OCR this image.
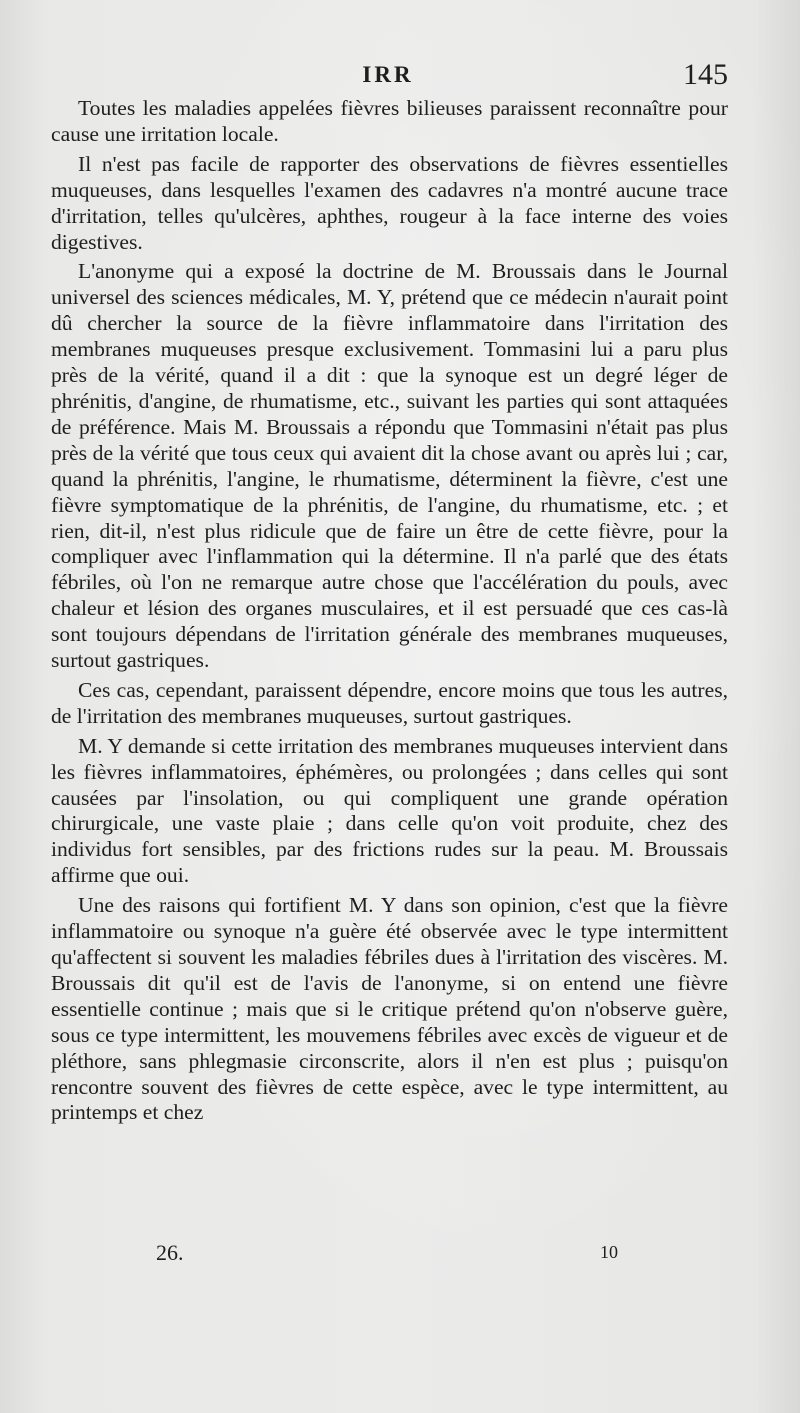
IRR	145

Toutes les maladies appelées fièvres bilieuses paraissent reconnaître pour cause une irritation locale.

Il n'est pas facile de rapporter des observations de fièvres essentielles muqueuses, dans lesquelles l'examen des cadavres n'a montré aucune trace d'irritation, telles qu'ulcères, aphthes, rougeur à la face interne des voies digestives.

L'anonyme qui a exposé la doctrine de M. Broussais dans le Journal universel des sciences médicales, M. Y, prétend que ce médecin n'aurait point dû chercher la source de la fièvre inflammatoire dans l'irritation des membranes muqueuses presque exclusivement. Tommasini lui a paru plus près de la vérité, quand il a dit : que la synoque est un degré léger de phrénitis, d'angine, de rhumatisme, etc., suivant les parties qui sont attaquées de préférence. Mais M. Broussais a répondu que Tommasini n'était pas plus près de la vérité que tous ceux qui avaient dit la chose avant ou après lui ; car, quand la phrénitis, l'angine, le rhumatisme, déterminent la fièvre, c'est une fièvre symptomatique de la phrénitis, de l'angine, du rhumatisme, etc. ; et rien, dit-il, n'est plus ridicule que de faire un être de cette fièvre, pour la compliquer avec l'inflammation qui la détermine. Il n'a parlé que des états fébriles, où l'on ne remarque autre chose que l'accélération du pouls, avec chaleur et lésion des organes musculaires, et il est persuadé que ces cas-là sont toujours dépendans de l'irritation générale des membranes muqueuses, surtout gastriques.

Ces cas, cependant, paraissent dépendre, encore moins que tous les autres, de l'irritation des membranes muqueuses, surtout gastriques.

M. Y demande si cette irritation des membranes muqueuses intervient dans les fièvres inflammatoires, éphémères, ou prolongées ; dans celles qui sont causées par l'insolation, ou qui compliquent une grande opération chirurgicale, une vaste plaie ; dans celle qu'on voit produite, chez des individus fort sensibles, par des frictions rudes sur la peau. M. Broussais affirme que oui.

Une des raisons qui fortifient M. Y dans son opinion, c'est que la fièvre inflammatoire ou synoque n'a guère été observée avec le type intermittent qu'affectent si souvent les maladies fébriles dues à l'irritation des viscères. M. Broussais dit qu'il est de l'avis de l'anonyme, si on entend une fièvre essentielle continue ; mais que si le critique prétend qu'on n'observe guère, sous ce type intermittent, les mouvemens fébriles avec excès de vigueur et de pléthore, sans phlegmasie circonscrite, alors il n'en est plus ; puisqu'on rencontre souvent des fièvres de cette espèce, avec le type intermittent, au printemps et chez

26.	10
